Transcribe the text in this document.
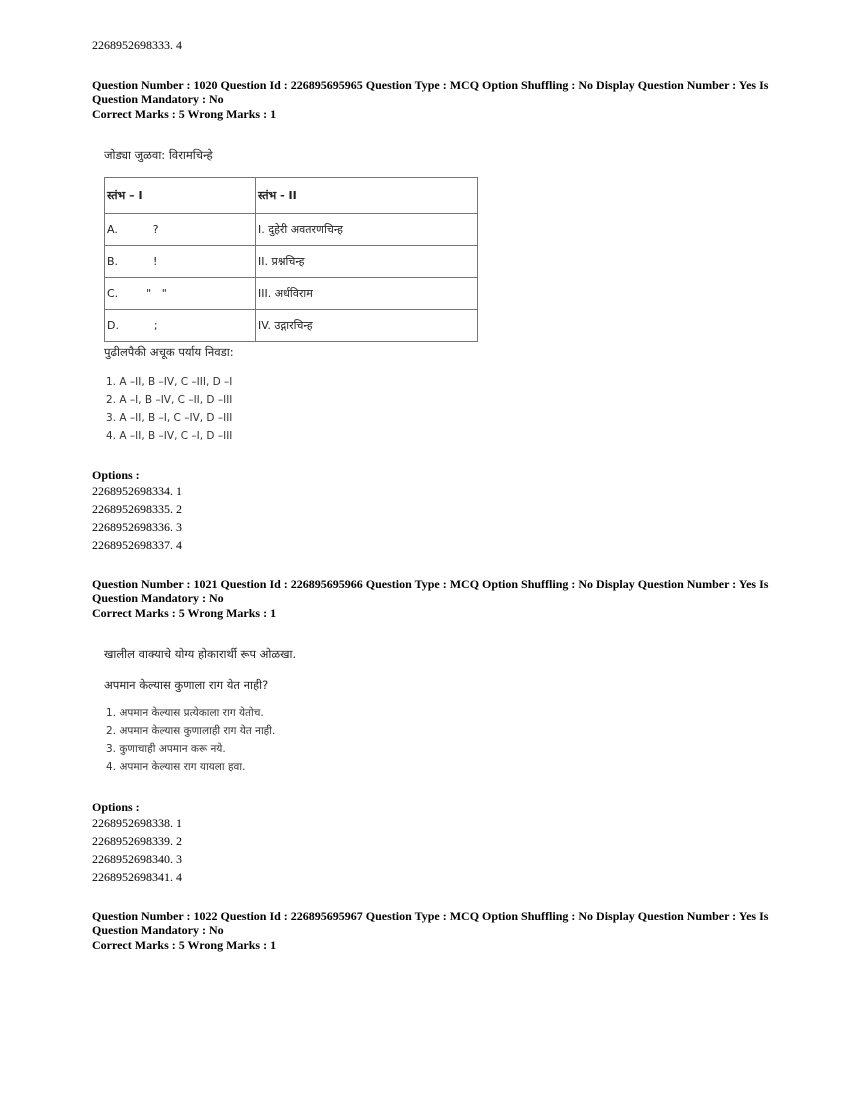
2268952698333. 4
Question Number : 1020 Question Id : 226895695965 Question Type : MCQ Option Shuffling : No Display Question Number : Yes Is Question Mandatory : No
Correct Marks : 5 Wrong Marks : 1
जोड्या जुळवा: विरामचिन्हे
स्तंभ – I	स्तंभ - II
A.          ?	I. दुहेरी अवतरणचिन्ह
B.          !	II. प्रश्नचिन्ह
C.        "   "	III. अर्धविराम
D.          ;	IV. उद्गारचिन्ह
पुढीलपैकी अचूक पर्याय निवडा:
1. A –II, B –IV, C –III, D –I
2. A –I, B –IV, C –II, D –III
3. A –II, B –I, C –IV, D –III
4. A –II, B –IV, C –I, D –III
Options :
2268952698334. 1
2268952698335. 2
2268952698336. 3
2268952698337. 4
Question Number : 1021 Question Id : 226895695966 Question Type : MCQ Option Shuffling : No Display Question Number : Yes Is Question Mandatory : No
Correct Marks : 5 Wrong Marks : 1
खालील वाक्याचे योग्य होकारार्थी रूप ओळखा.
अपमान केल्यास कुणाला राग येत नाही?
1. अपमान केल्यास प्रत्येकाला राग येतोच.
2. अपमान केल्यास कुणालाही राग येत नाही.
3. कुणाचाही अपमान करू नये.
4. अपमान केल्यास राग यायला हवा.
Options :
2268952698338. 1
2268952698339. 2
2268952698340. 3
2268952698341. 4
Question Number : 1022 Question Id : 226895695967 Question Type : MCQ Option Shuffling : No Display Question Number : Yes Is Question Mandatory : No
Correct Marks : 5 Wrong Marks : 1
